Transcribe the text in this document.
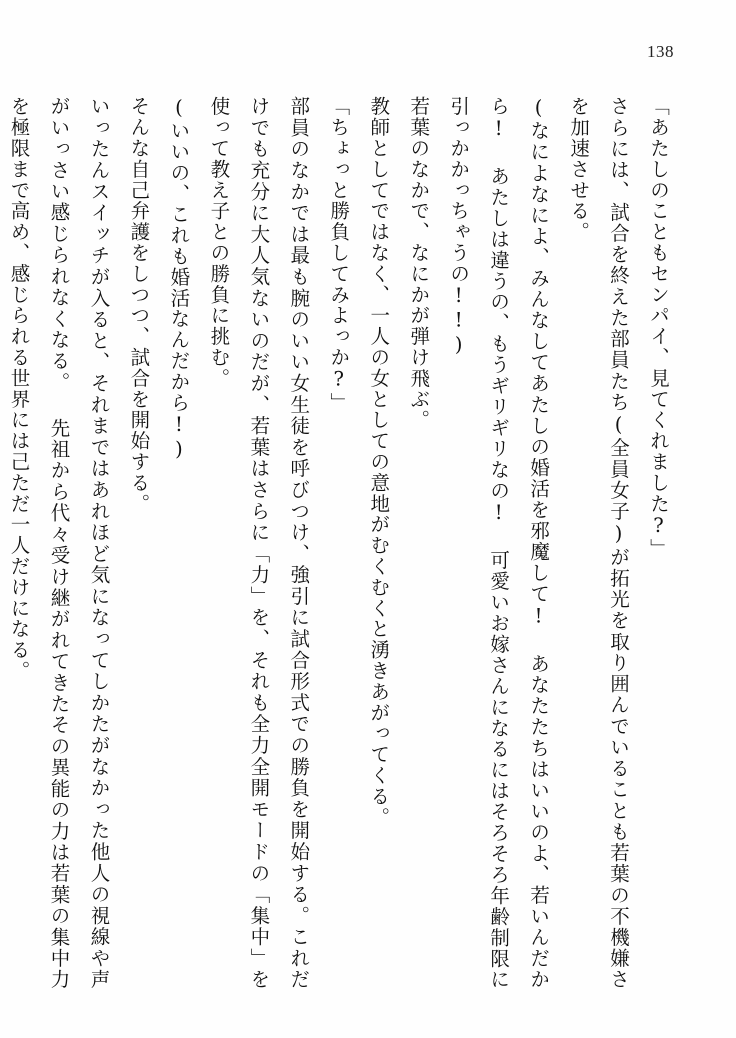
138

「あたしのこともセンパイ、見てくれました?」

さらには、試合を終えた部員たち(全員女子)が拓光を取り囲んでいることも若葉の不機嫌さを加速させる。

(なによなによ、みんなしてあたしの婚活を邪魔して! あなたたちはいいのよ、若いんだから! あたしは違うの、もうギリギリなの! 可愛いお嫁さんになるにはそろそろ年齢制限に引っかかっちゃうの!!)

若葉のなかで、なにかが弾け飛ぶ。

教師としてではなく、一人の女としての意地がむくむくと湧きあがってくる。

「ちょっと勝負してみよっか?」

部員のなかでは最も腕のいい女生徒を呼びつけ、強引に試合形式での勝負を開始する。これだけでも充分に大人気ないのだが、若葉はさらに「力」を、それも全力全開モードの「集中」を使って教え子との勝負に挑む。

(いいの、これも婚活なんだから!)

そんな自己弁護をしつつ、試合を開始する。

いったんスイッチが入ると、それまではあれほど気になってしかたがなかった他人の視線や声がいっさい感じられなくなる。 先祖から代々受け継がれてきたその異能の力は若葉の集中力を極限まで高め、感じられる世界には己ただ一人だけになる。
